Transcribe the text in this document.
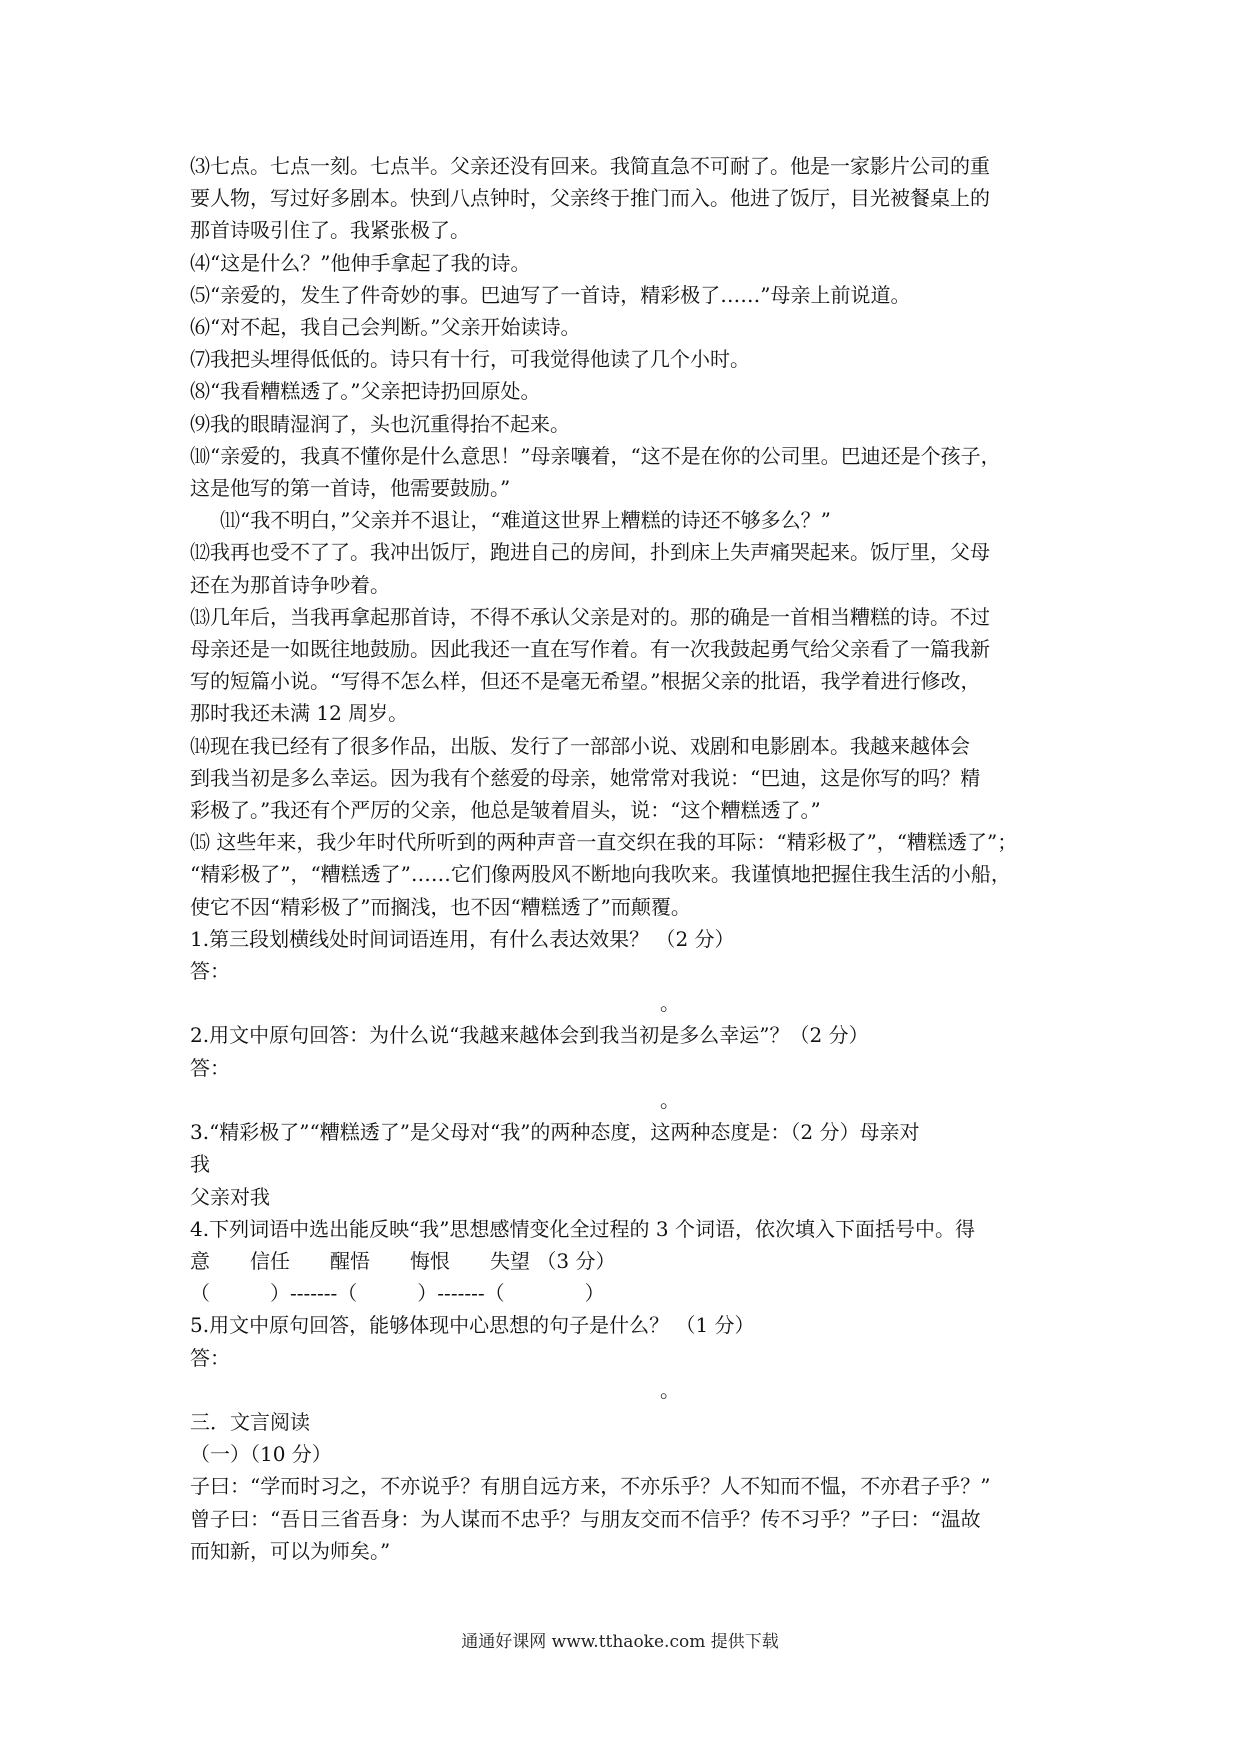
⑶七点。七点一刻。七点半。父亲还没有回来。我简直急不可耐了。他是一家影片公司的重

要人物，写过好多剧本。快到八点钟时，父亲终于推门而入。他进了饭厅，目光被餐桌上的

那首诗吸引住了。我紧张极了。

⑷“这是什么？”他伸手拿起了我的诗。

⑸“亲爱的，发生了件奇妙的事。巴迪写了一首诗，精彩极了……”母亲上前说道。

⑹“对不起，我自己会判断。”父亲开始读诗。

⑺我把头埋得低低的。诗只有十行，可我觉得他读了几个小时。

⑻“我看糟糕透了。”父亲把诗扔回原处。

⑼我的眼睛湿润了，头也沉重得抬不起来。

⑽“亲爱的，我真不懂你是什么意思！”母亲嚷着，“这不是在你的公司里。巴迪还是个孩子，

这是他写的第一首诗，他需要鼓励。”

⑾“我不明白，”父亲并不退让，“难道这世界上糟糕的诗还不够多么？”

⑿我再也受不了了。我冲出饭厅，跑进自己的房间，扑到床上失声痛哭起来。饭厅里，父母

还在为那首诗争吵着。

⒀几年后，当我再拿起那首诗，不得不承认父亲是对的。那的确是一首相当糟糕的诗。不过

母亲还是一如既往地鼓励。因此我还一直在写作着。有一次我鼓起勇气给父亲看了一篇我新

写的短篇小说。“写得不怎么样，但还不是毫无希望。”根据父亲的批语，我学着进行修改，

那时我还未满 12 周岁。

⒁现在我已经有了很多作品，出版、发行了一部部小说、戏剧和电影剧本。我越来越体会

到我当初是多么幸运。因为我有个慈爱的母亲，她常常对我说：“巴迪，这是你写的吗？精

彩极了。”我还有个严厉的父亲，他总是皱着眉头，说：“这个糟糕透了。”

⒂ 这些年来，我少年时代所听到的两种声音一直交织在我的耳际：“精彩极了”，“糟糕透了”；

“精彩极了”，“糟糕透了”……它们像两股风不断地向我吹来。我谨慎地把握住我生活的小船，

使它不因“精彩极了”而搁浅，也不因“糟糕透了”而颠覆。

1.第三段划横线处时间词语连用，有什么表达效果？ （2 分）

答：

。

2.用文中原句回答：为什么说“我越来越体会到我当初是多么幸运”？（2 分）

答：

。

3.“精彩极了”“糟糕透了”是父母对“我”的两种态度，这两种态度是：（2 分）母亲对

我

父亲对我

4.下列词语中选出能反映“我”思想感情变化全过程的 3 个词语，依次填入下面括号中。得

意　　信任　　醒悟　　悔恨　　失望 （3 分）

（　　　）-------（　　　）-------（　　　　）

5.用文中原句回答，能够体现中心思想的句子是什么？ （1 分）

答：

。

三．文言阅读

（一）（10 分）

子曰：“学而时习之，不亦说乎？有朋自远方来，不亦乐乎？人不知而不愠，不亦君子乎？”

曾子曰：“吾日三省吾身：为人谋而不忠乎？与朋友交而不信乎？传不习乎？”子曰：“温故

而知新，可以为师矣。”

通通好课网 www.tthaoke.com 提供下载
